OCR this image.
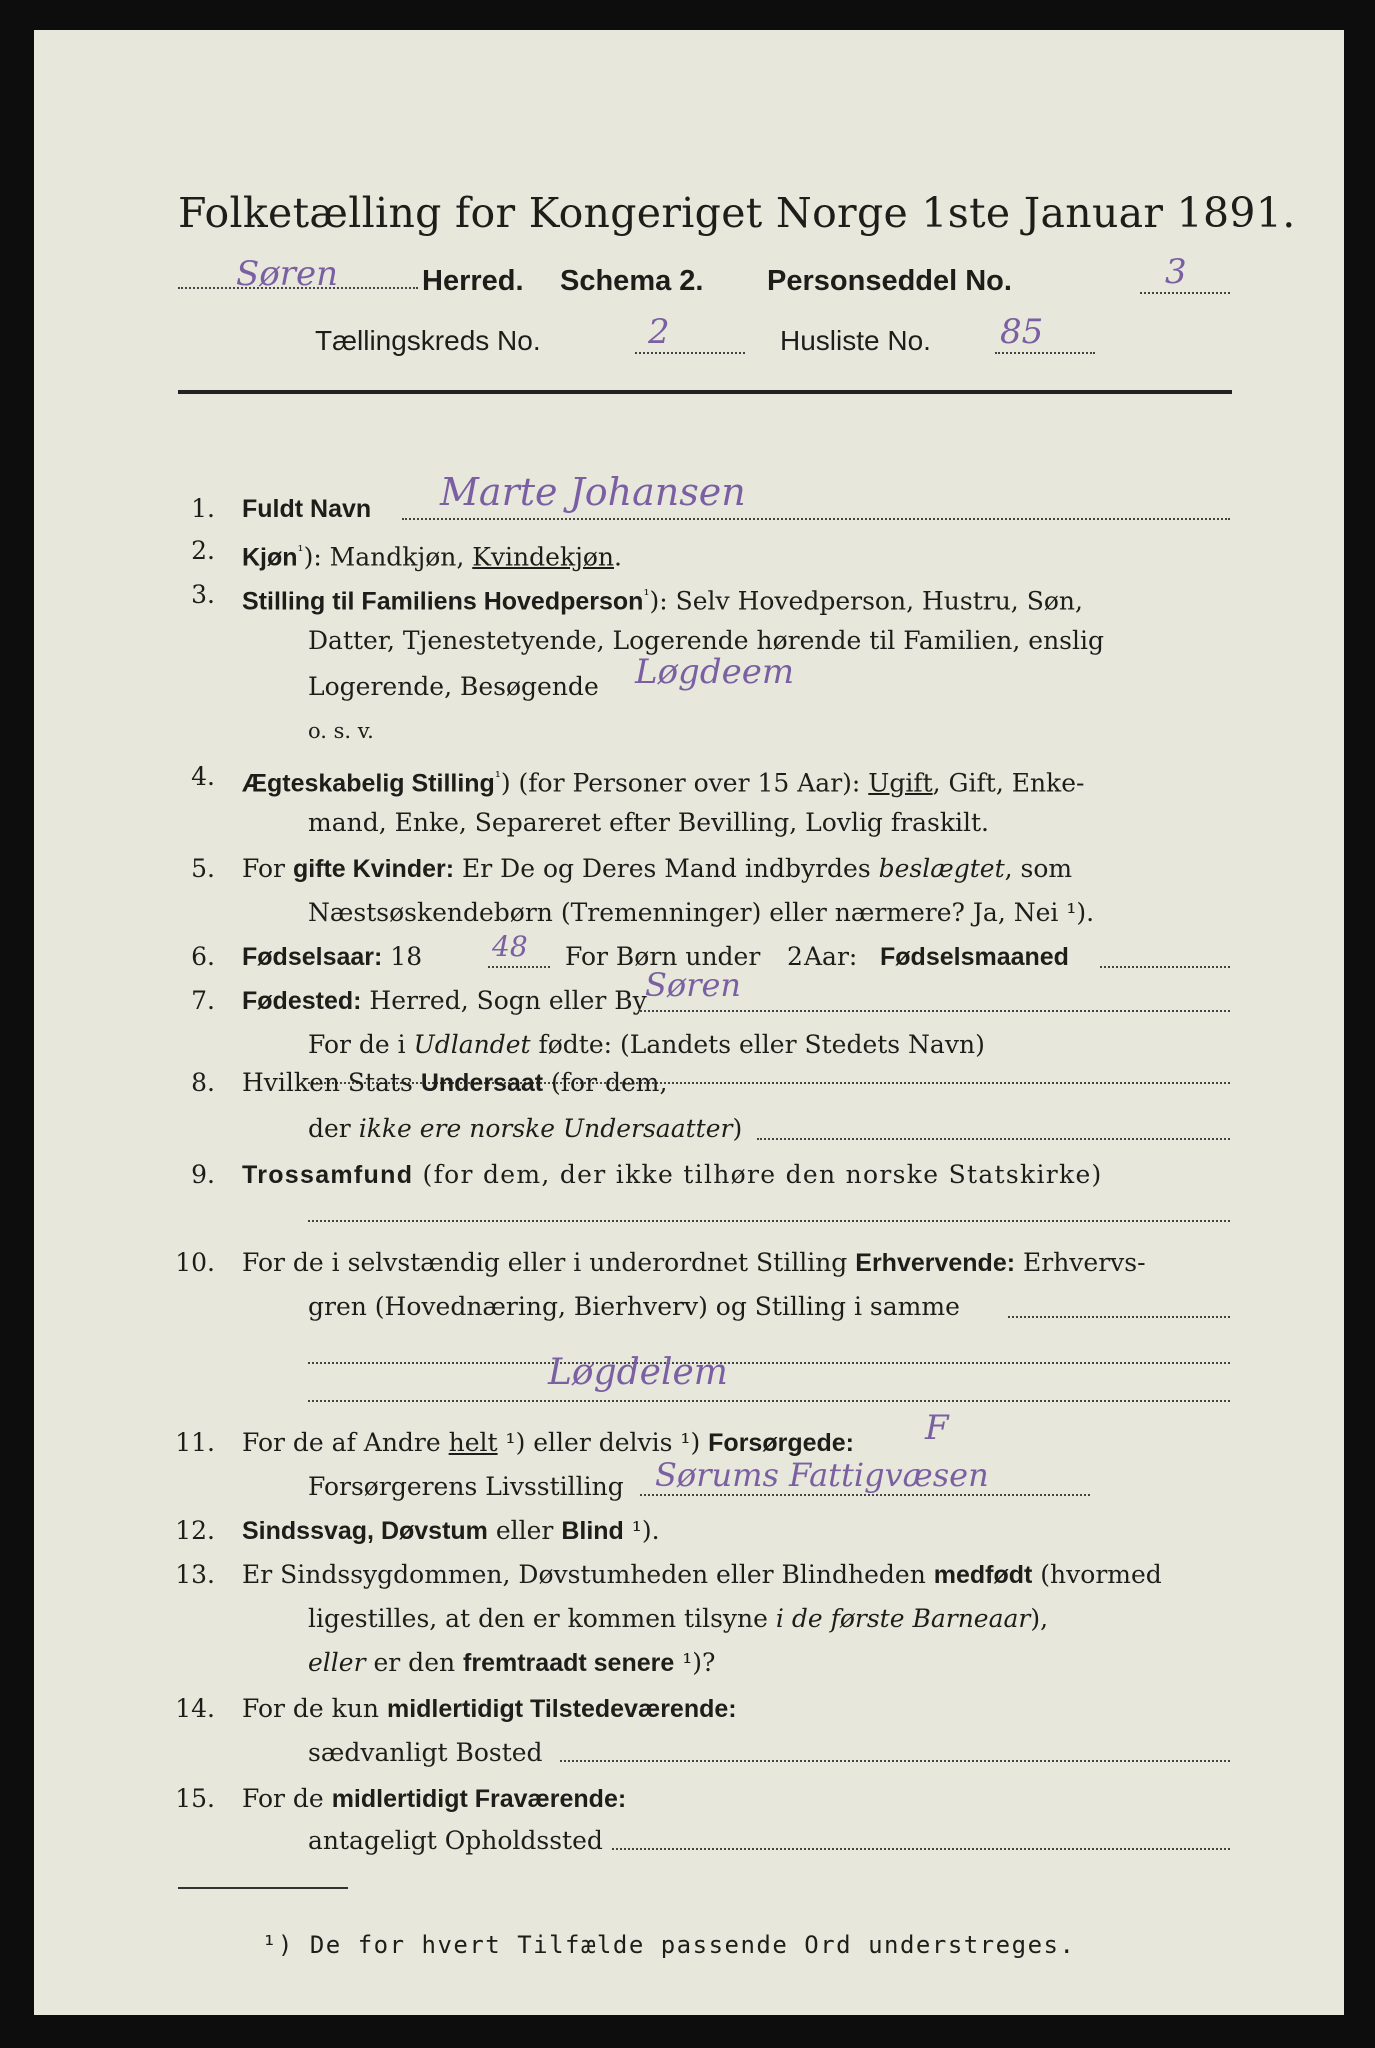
Folketælling for Kongeriget Norge 1ste Januar 1891.
Søren	Herred. Schema 2. Personseddel No.	3
Tællingskreds No.	2	Husliste No. 85
1. Fuldt Navn Marte Johansen
2. Kjøn$^{^1}$): Mandkjøn, Kvindekjøn.
3. Stilling til Familiens Hovedperson$^{^1}$): Selv Hovedperson, Hustru, Søn,
Datter, Tjenestetyende, Logerende hørende til Familien, enslig
Logerende, Besøgende Løgdeem
o. s. v.
4. Ægteskabelig Stilling$^{^1}$) (for Personer over 15 Aar): Ugift, Gift, Enke-
mand, Enke, Separeret efter Bevilling, Lovlig fraskilt.
5. For gifte Kvinder: Er De og Deres Mand indbyrdes beslægtet, som
Næstsøskendebørn (Tremenninger) eller nærmere? Ja, Nei ¹).
6. Fødselsaar: 18 48 For Børn under 2 Aar: Fødselsmaaned
7. Fødested: Herred, Sogn eller By
Søren
For de i Udlandet fødte: (Landets eller Stedets Navn)
8. Hvilken Stats Undersaat (for dem,
der ikke ere norske Undersaatter)
9. Trossamfund (for dem, der ikke tilhøre den norske Statskirke)
10. For de i selvstændig eller i underordnet Stilling Erhvervende: Erhvervs-
gren (Hovednæring, Bierhverv) og Stilling i samme
Løgdelem
11. For de af Andre helt ¹) eller delvis ¹) Forsørgede: F
Forsørgerens Livsstilling Sørums Fattigvæsen
12. Sindssvag, Døvstum eller Blind ¹).
13. Er Sindssygdommen, Døvstumheden eller Blindheden medfødt (hvormed
ligestilles, at den er kommen tilsyne i de første Barneaar),
eller er den fremtraadt senere ¹)?
14. For de kun midlertidigt Tilstedeværende:
sædvanligt Bosted
15. For de midlertidigt Fraværende:
antageligt Opholdssted
¹) De for hvert Tilfælde passende Ord understreges.
